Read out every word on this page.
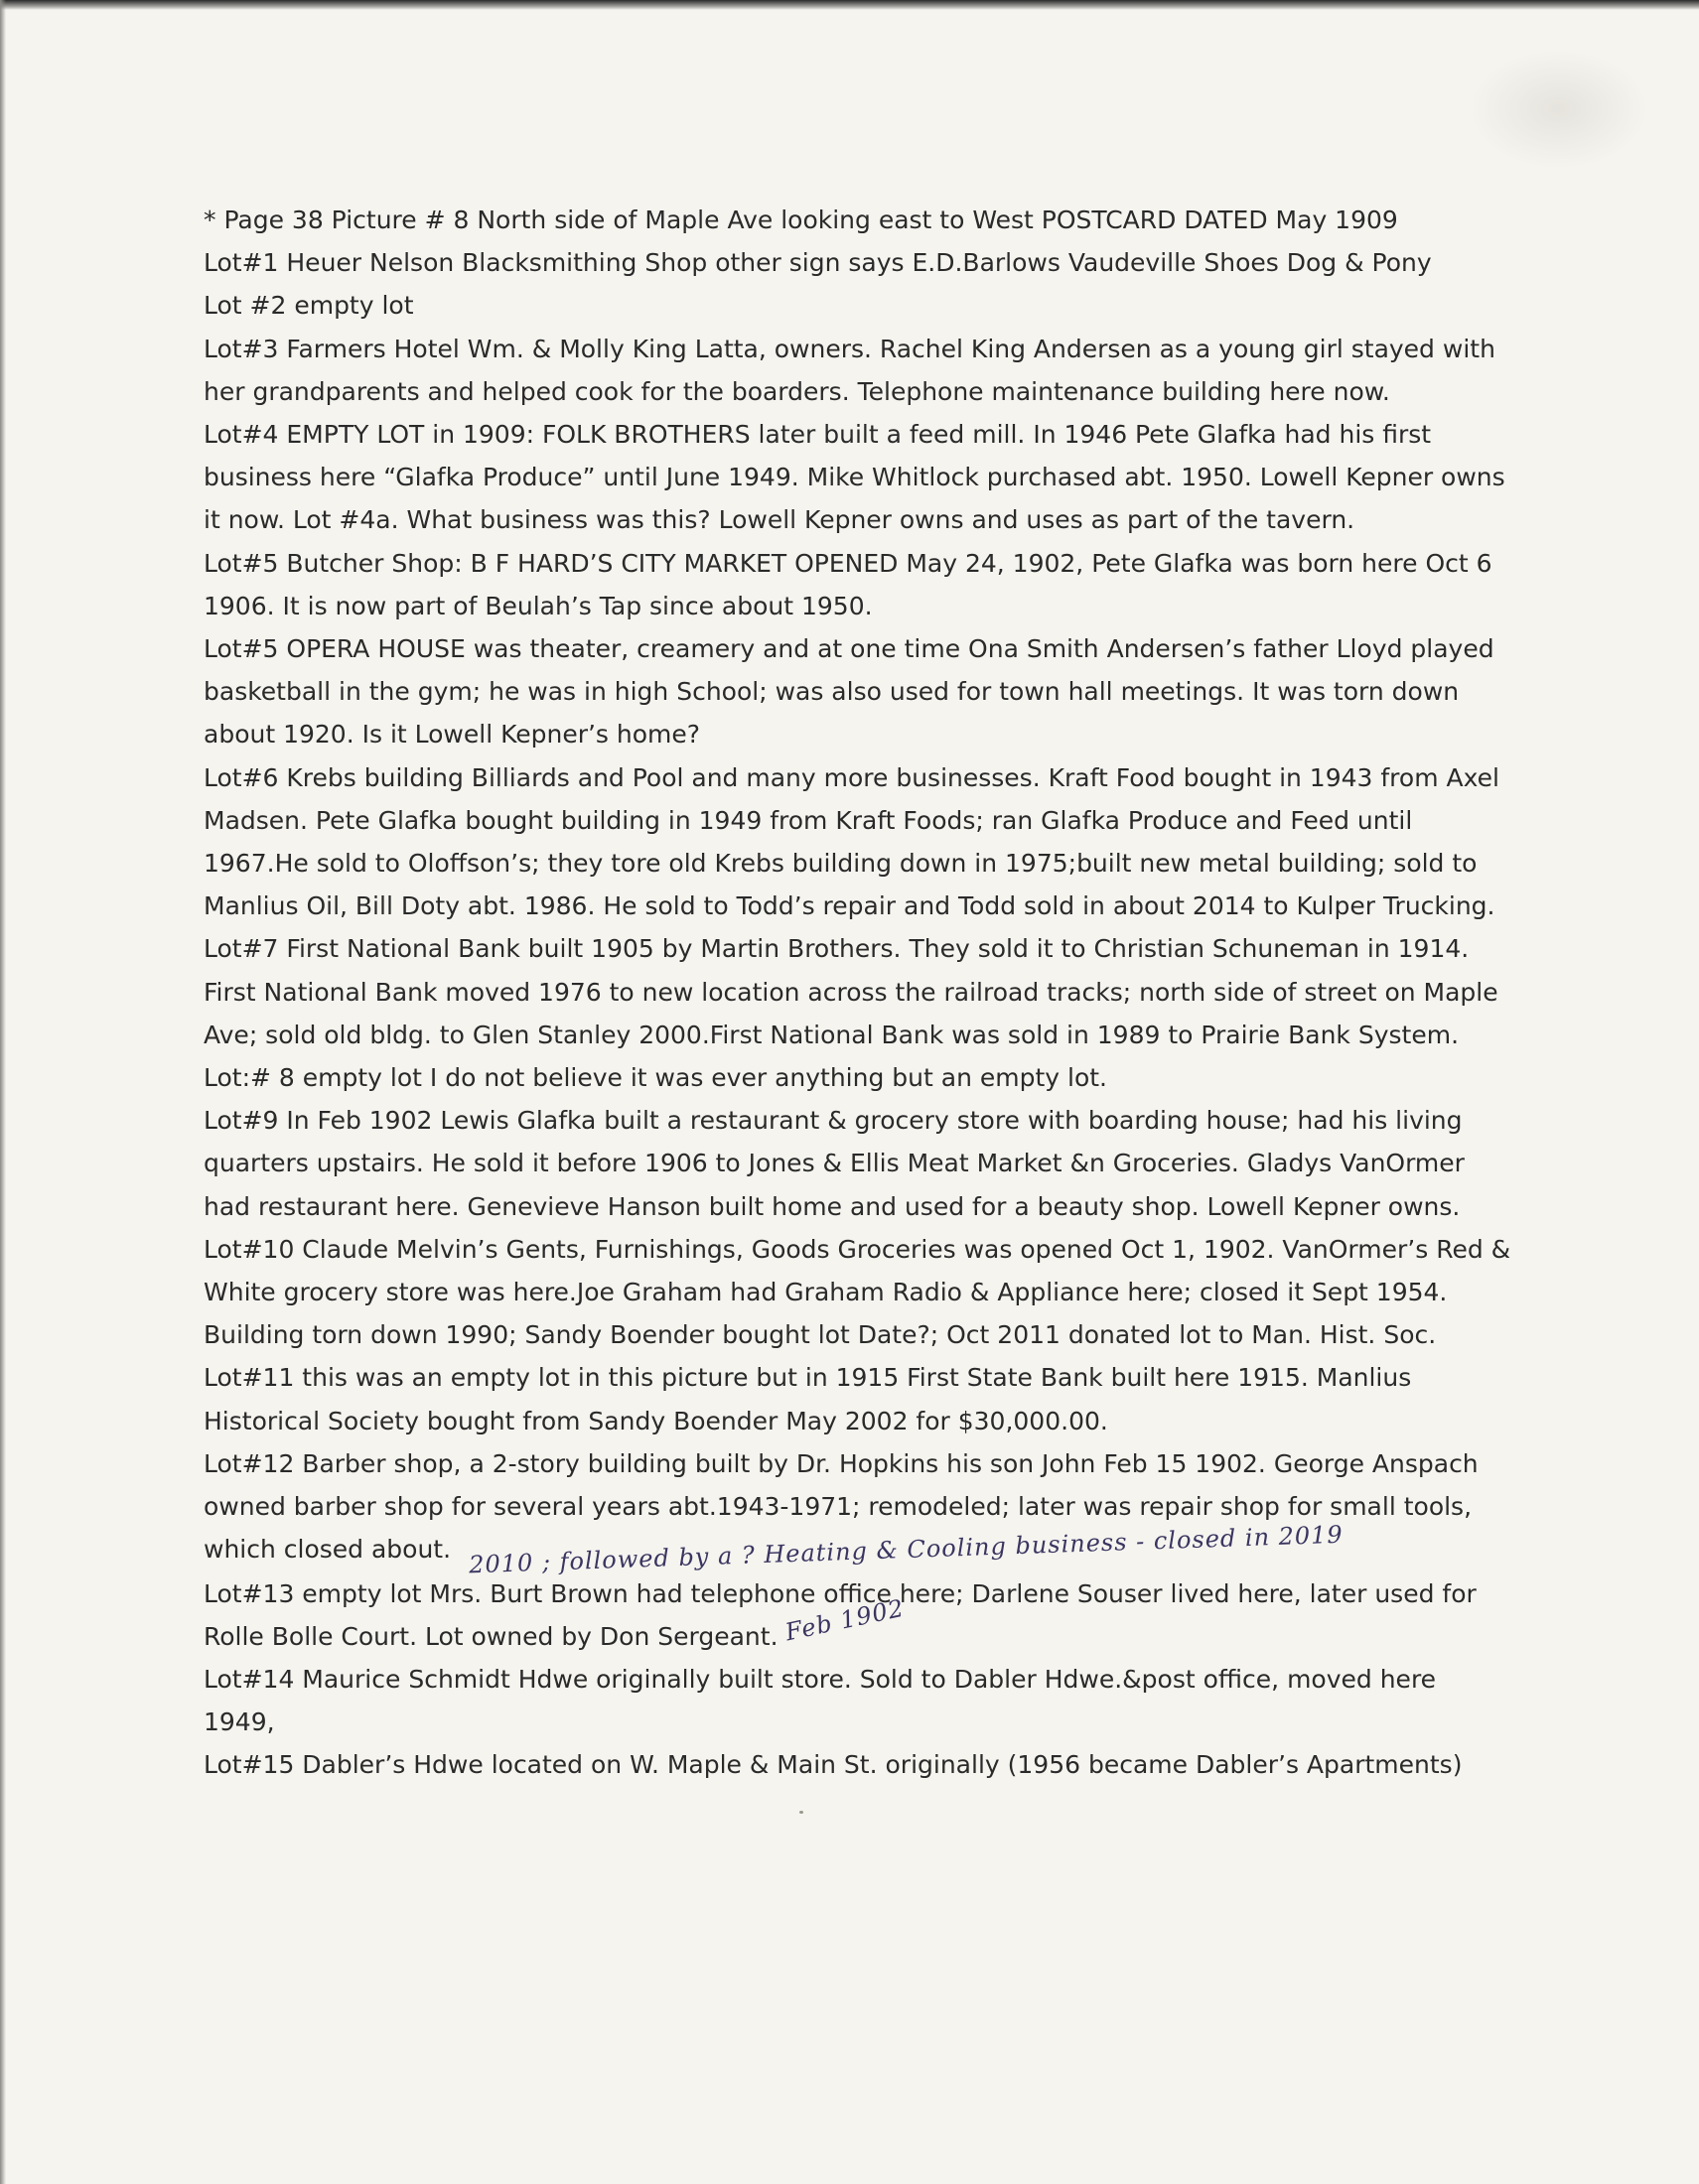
* Page 38 Picture # 8 North side of Maple Ave looking east to West POSTCARD DATED May 1909

Lot#1 Heuer Nelson Blacksmithing Shop other sign says E.D.Barlows Vaudeville Shoes Dog & Pony

Lot #2 empty lot

Lot#3 Farmers Hotel Wm. & Molly King Latta, owners. Rachel King Andersen as a young girl stayed with her grandparents and helped cook for the boarders. Telephone maintenance building here now.

Lot#4 EMPTY LOT in 1909: FOLK BROTHERS later built a feed mill. In 1946 Pete Glafka had his first business here “Glafka Produce” until June 1949. Mike Whitlock purchased abt. 1950. Lowell Kepner owns it now. Lot #4a. What business was this? Lowell Kepner owns and uses as part of the tavern.

Lot#5 Butcher Shop: B F HARD’S CITY MARKET OPENED May 24, 1902, Pete Glafka was born here Oct 6 1906. It is now part of Beulah’s Tap since about 1950.

Lot#5 OPERA HOUSE was theater, creamery and at one time Ona Smith Andersen’s father Lloyd played basketball in the gym; he was in high School; was also used for town hall meetings. It was torn down about 1920. Is it Lowell Kepner’s home?

Lot#6 Krebs building Billiards and Pool and many more businesses. Kraft Food bought in 1943 from Axel Madsen. Pete Glafka bought building in 1949 from Kraft Foods; ran Glafka Produce and Feed until 1967.He sold to Oloffson’s; they tore old Krebs building down in 1975;built new metal building; sold to Manlius Oil, Bill Doty abt. 1986. He sold to Todd’s repair and Todd sold in about 2014 to Kulper Trucking.

Lot#7 First National Bank built 1905 by Martin Brothers. They sold it to Christian Schuneman in 1914. First National Bank moved 1976 to new location across the railroad tracks; north side of street on Maple Ave; sold old bldg. to Glen Stanley 2000.First National Bank was sold in 1989 to Prairie Bank System.

Lot:# 8 empty lot I do not believe it was ever anything but an empty lot.

Lot#9 In Feb 1902 Lewis Glafka built a restaurant & grocery store with boarding house; had his living quarters upstairs. He sold it before 1906 to Jones & Ellis Meat Market &n Groceries. Gladys VanOrmer had restaurant here. Genevieve Hanson built home and used for a beauty shop. Lowell Kepner owns.

Lot#10 Claude Melvin’s Gents, Furnishings, Goods Groceries was opened Oct 1, 1902. VanOrmer’s Red & White grocery store was here.Joe Graham had Graham Radio & Appliance here; closed it Sept 1954. Building torn down 1990; Sandy Boender bought lot Date?; Oct 2011 donated lot to Man. Hist. Soc.

Lot#11 this was an empty lot in this picture but in 1915 First State Bank built here 1915. Manlius Historical Society bought from Sandy Boender May 2002 for $30,000.00.

Lot#12 Barber shop, a 2-story building built by Dr. Hopkins his son John Feb 15 1902. George Anspach owned barber shop for several years abt.1943-1971; remodeled; later was repair shop for small tools,

which closed about. 2010 ; followed by a ? Heating & Cooling business - closed in 2019

Lot#13 empty lot Mrs. Burt Brown had telephone office here; Darlene Souser lived here, later used for Rolle Bolle Court. Lot owned by Don Sergeant.

Lot#14 Maurice Schmidt Hdwe originally built store. Sold to Dabler Hdwe.&post office, moved here 1949,

Lot#15 Dabler’s Hdwe located on W. Maple & Main St. originally (1956 became Dabler’s Apartments)

Feb 1902
